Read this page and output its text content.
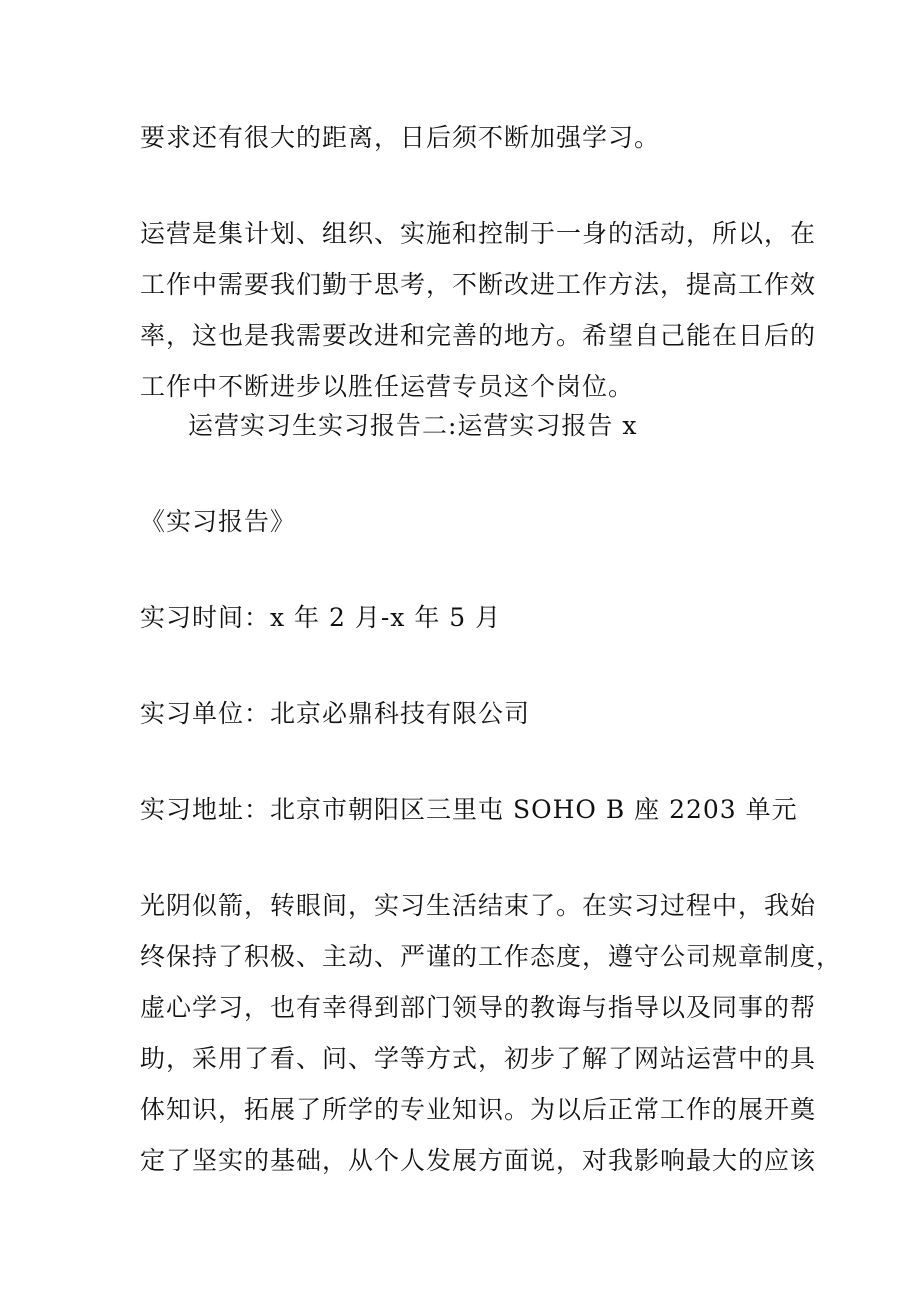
要求还有很大的距离，日后须不断加强学习。
运营是集计划、组织、实施和控制于一身的活动，所以，在
工作中需要我们勤于思考，不断改进工作方法，提高工作效
率，这也是我需要改进和完善的地方。希望自己能在日后的
工作中不断进步以胜任运营专员这个岗位。
运营实习生实习报告二:运营实习报告 x
《实习报告》
实习时间：x 年 2 月-x 年 5 月
实习单位：北京必鼎科技有限公司
实习地址：北京市朝阳区三里屯 SOHO B 座 2203 单元
光阴似箭，转眼间，实习生活结束了。在实习过程中，我始
终保持了积极、主动、严谨的工作态度，遵守公司规章制度，
虚心学习，也有幸得到部门领导的教诲与指导以及同事的帮
助，采用了看、问、学等方式，初步了解了网站运营中的具
体知识，拓展了所学的专业知识。为以后正常工作的展开奠
定了坚实的基础，从个人发展方面说，对我影响最大的应该
